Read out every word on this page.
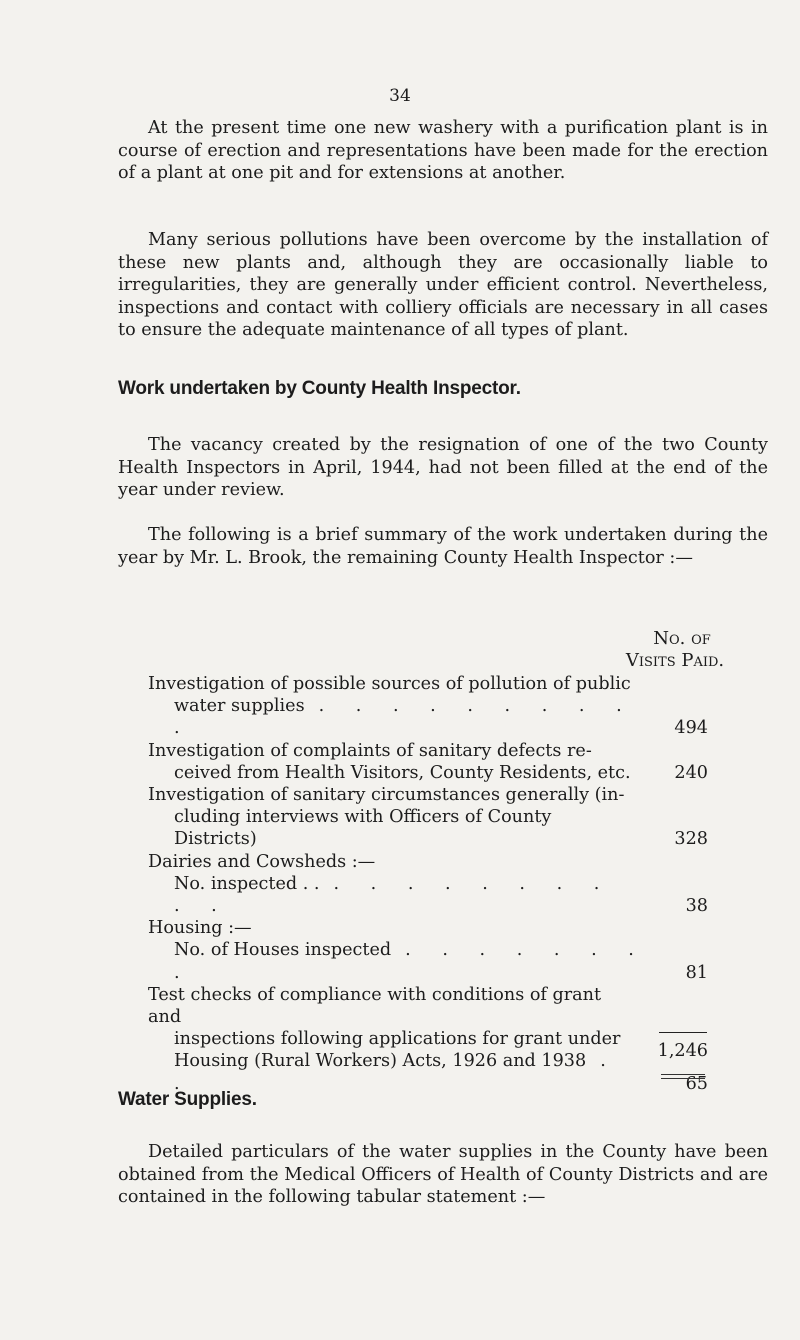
34

At the present time one new washery with a purification plant is in course of erection and representations have been made for the erection of a plant at one pit and for extensions at another.

Many serious pollutions have been overcome by the installation of these new plants and, although they are occasionally liable to irregularities, they are generally under efficient control. Nevertheless, inspections and contact with colliery officials are necessary in all cases to ensure the adequate maintenance of all types of plant.

Work undertaken by County Health Inspector.

The vacancy created by the resignation of one of the two County Health Inspectors in April, 1944, had not been filled at the end of the year under review.

The following is a brief summary of the work undertaken during the year by Mr. L. Brook, the remaining County Health Inspector :—

No. of
Visits Paid.
Investigation of possible sources of pollution of public
water supplies . . . . . . . . . .	494
Investigation of complaints of sanitary defects re-
ceived from Health Visitors, County Residents, etc.	240
Investigation of sanitary circumstances generally (in-
cluding interviews with Officers of County Districts)	328
Dairies and Cowsheds :—
No. inspected . . . . . . . . . . . .	38
Housing :—
No. of Houses inspected . . . . . . . .	81
Test checks of compliance with conditions of grant and
inspections following applications for grant under
Housing (Rural Workers) Acts, 1926 and 1938 . .	65
1,246
Water Supplies.

Detailed particulars of the water supplies in the County have been obtained from the Medical Officers of Health of County Districts and are contained in the following tabular statement :—
